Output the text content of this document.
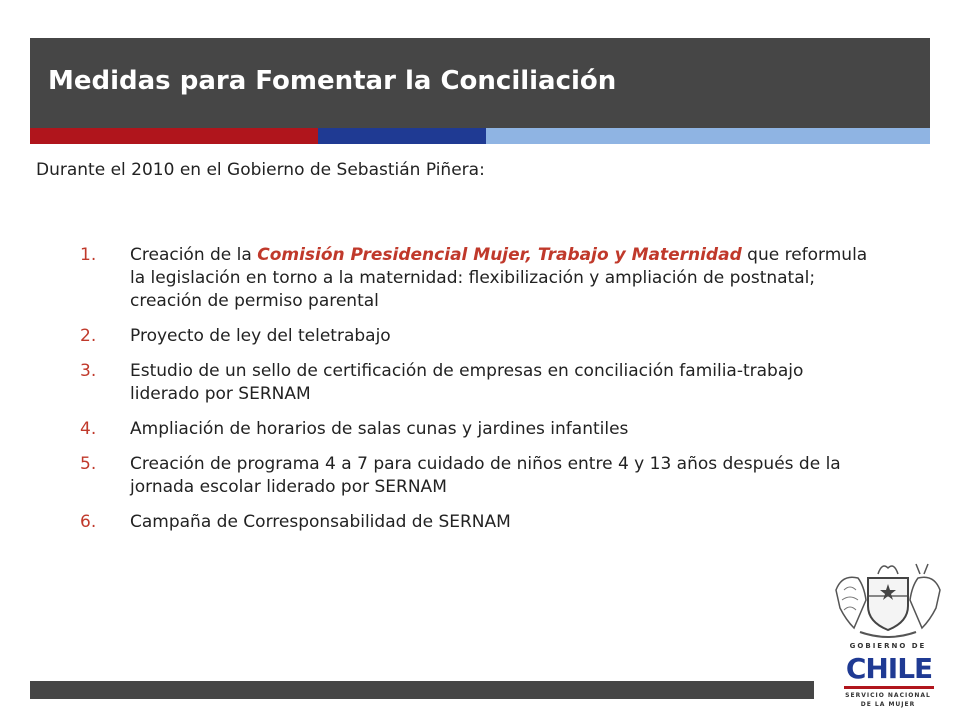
Medidas para Fomentar la Conciliación
Durante el 2010 en el Gobierno de Sebastián Piñera:
1.	Creación de la Comisión Presidencial Mujer, Trabajo y Maternidad que reformula la legislación en torno a la maternidad: flexibilización y ampliación de postnatal; creación de permiso parental
2.	Proyecto de ley del teletrabajo
3.	Estudio de un sello de certificación de empresas en conciliación familia-trabajo liderado por SERNAM
4.	Ampliación de horarios de salas cunas y jardines infantiles
5.	Creación de programa 4 a 7 para cuidado de niños entre 4 y 13 años después de la jornada escolar liderado por SERNAM
6.	Campaña de Corresponsabilidad de SERNAM
GOBIERNO DE
CHILE
SERVICIO NACIONAL
DE LA MUJER
